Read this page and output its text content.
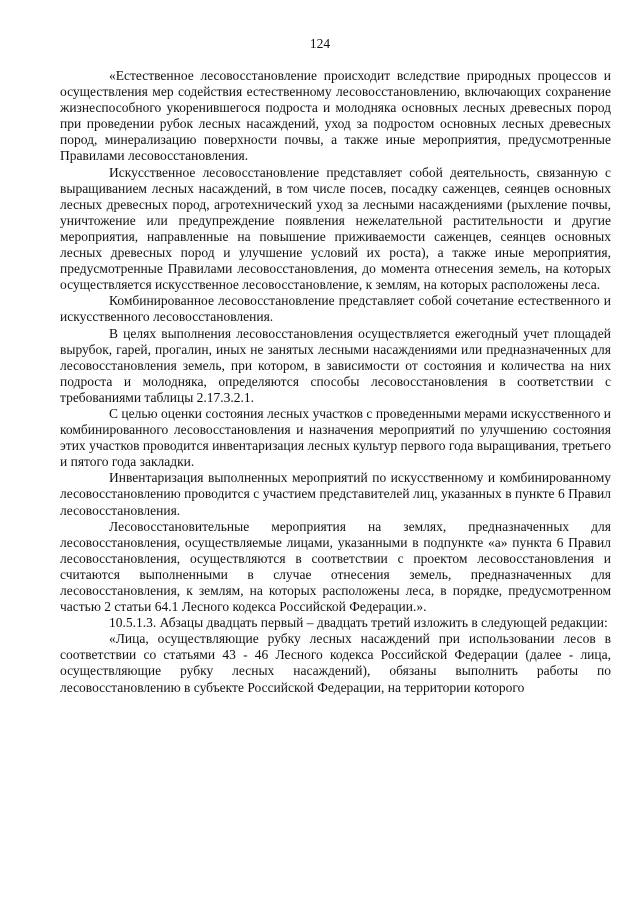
124

«Естественное лесовосстановление происходит вследствие природных процессов и осуществления мер содействия естественному лесовосстановлению, включающих сохранение жизнеспособного укоренившегося подроста и молодняка основных лесных древесных пород при проведении рубок лесных насаждений, уход за подростом основных лесных древесных пород, минерализацию поверхности почвы, а также иные мероприятия, предусмотренные Правилами лесовосстановления.

Искусственное лесовосстановление представляет собой деятельность, связанную с выращиванием лесных насаждений, в том числе посев, посадку саженцев, сеянцев основных лесных древесных пород, агротехнический уход за лесными насаждениями (рыхление почвы, уничтожение или предупреждение появления нежелательной растительности и другие мероприятия, направленные на повышение приживаемости саженцев, сеянцев основных лесных древесных пород и улучшение условий их роста), а также иные мероприятия, предусмотренные Правилами лесовосстановления, до момента отнесения земель, на которых осуществляется искусственное лесовосстановление, к землям, на которых расположены леса.

Комбинированное лесовосстановление представляет собой сочетание естественного и искусственного лесовосстановления.

В целях выполнения лесовосстановления осуществляется ежегодный учет площадей вырубок, гарей, прогалин, иных не занятых лесными насаждениями или предназначенных для лесовосстановления земель, при котором, в зависимости от состояния и количества на них подроста и молодняка, определяются способы лесовосстановления в соответствии с требованиями таблицы 2.17.3.2.1.

С целью оценки состояния лесных участков с проведенными мерами искусственного и комбинированного лесовосстановления и назначения мероприятий по улучшению состояния этих участков проводится инвентаризация лесных культур первого года выращивания, третьего и пятого года закладки.

Инвентаризация выполненных мероприятий по искусственному и комбинированному лесовосстановлению проводится с участием представителей лиц, указанных в пункте 6 Правил лесовосстановления.

Лесовосстановительные мероприятия на землях, предназначенных для лесовосстановления, осуществляемые лицами, указанными в подпункте «а» пункта 6 Правил лесовосстановления, осуществляются в соответствии с проектом лесовосстановления и считаются выполненными в случае отнесения земель, предназначенных для лесовосстановления, к землям, на которых расположены леса, в порядке, предусмотренном частью 2 статьи 64.1 Лесного кодекса Российской Федерации.».

10.5.1.3. Абзацы двадцать первый – двадцать третий изложить в следующей редакции:

«Лица, осуществляющие рубку лесных насаждений при использовании лесов в соответствии со статьями 43 - 46 Лесного кодекса Российской Федерации (далее - лица, осуществляющие рубку лесных насаждений), обязаны выполнить работы по лесовосстановлению в субъекте Российской Федерации, на территории которого
